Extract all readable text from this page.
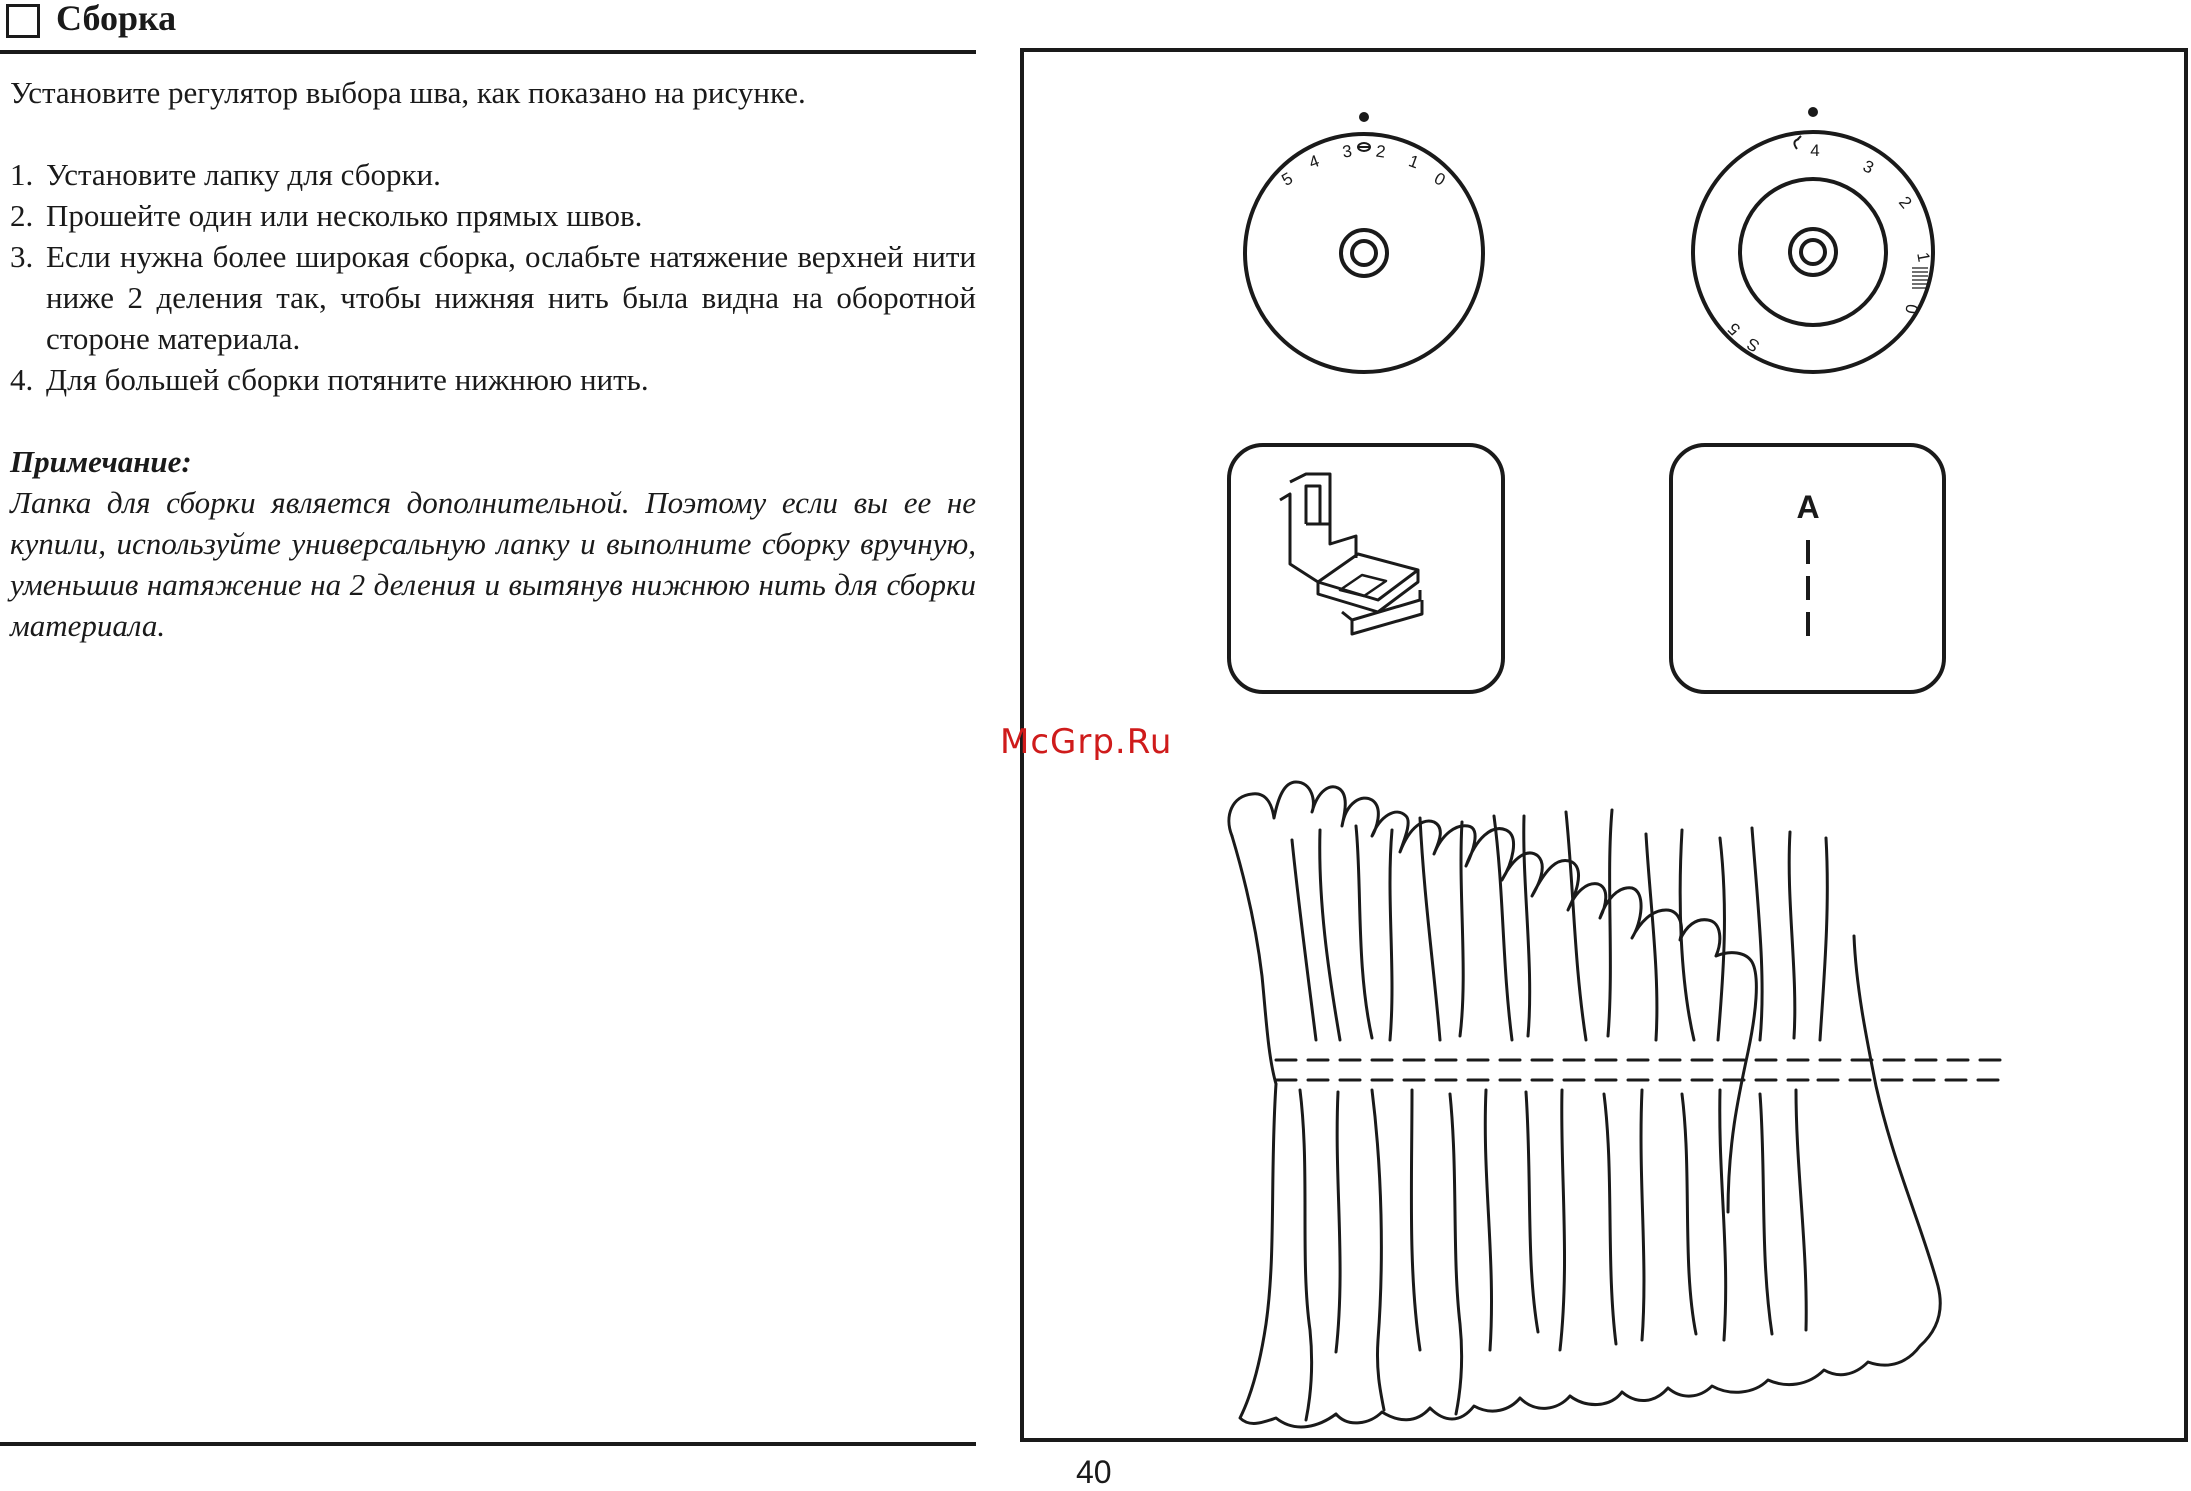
Сборка

Установите регулятор выбора шва, как показано на рисунке.

1. Установите лапку для сборки.
2. Прошейте один или несколько прямых швов.
3. Если нужна более широкая сборка, ослабьте натяжение верхней нити ниже 2 деления так, чтобы нижняя нить была видна на оборотной стороне материала.
4. Для большей сборки потяните нижнюю нить.

Примечание:

Лапка для сборки является дополнительной. Поэтому если вы ее не купили, используйте универсальную лапку и выполните сборку вручную, уменьшив натяжение на 2 деления и вытянув нижнюю нить для сборки материала.

5
4 3 2 1
0
4
3
2
1
0
S
5
A
McGrp.Ru
40
